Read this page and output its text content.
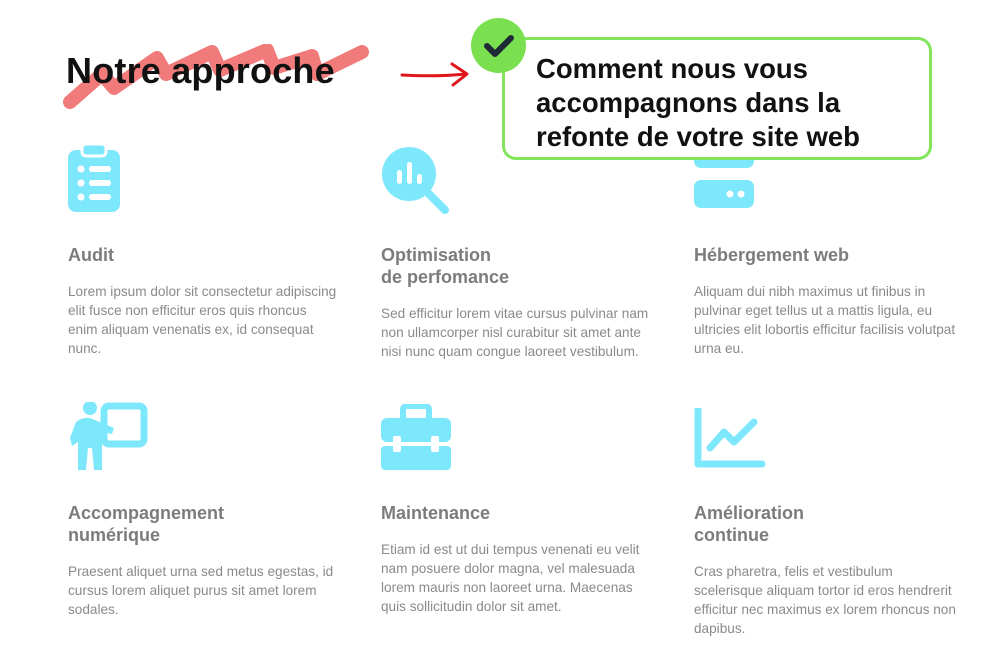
Notre approche	Comment nous vous accompagnons dans la refonte de votre site web
Audit
Lorem ipsum dolor sit consectetur adipiscing elit fusce non efficitur eros quis rhoncus enim aliquam venenatis ex, id consequat nunc.
Optimisation
de perfomance
Sed efficitur lorem vitae cursus pulvinar nam non ullamcorper nisl curabitur sit amet ante nisi nunc quam congue laoreet vestibulum.
Hébergement web
Aliquam dui nibh maximus ut finibus in pulvinar eget tellus ut a mattis ligula, eu ultricies elit lobortis efficitur facilisis volutpat urna eu.
Accompagnement
numérique
Praesent aliquet urna sed metus egestas, id cursus lorem aliquet purus sit amet lorem sodales.
Maintenance
Etiam id est ut dui tempus venenati eu velit nam posuere dolor magna, vel malesuada lorem mauris non laoreet urna. Maecenas quis sollicitudin dolor sit amet.
Amélioration
continue
Cras pharetra, felis et vestibulum scelerisque aliquam tortor id eros hendrerit efficitur nec maximus ex lorem rhoncus non dapibus.
